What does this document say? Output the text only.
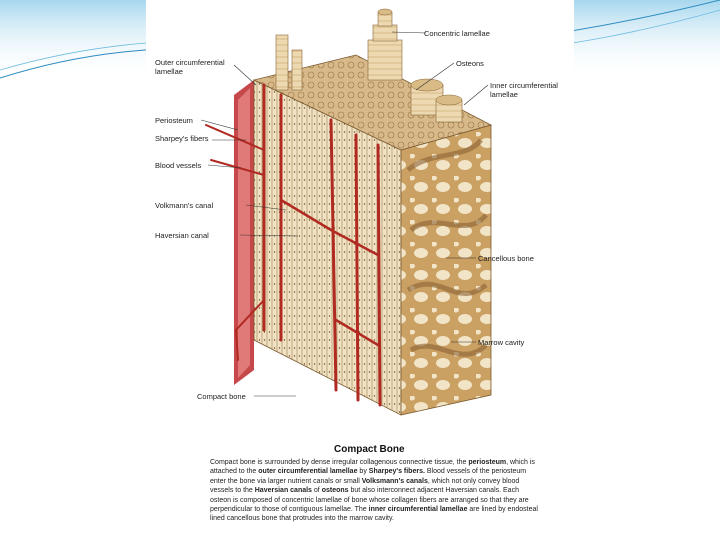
Outer circumferential
lamellae
Periosteum
Sharpey's fibers
Blood vessels
Volkmann's canal
Haversian canal
Compact bone
Concentric lamellae
Osteons
Inner circumferential
lamellae
Cancellous bone
Marrow cavity
Compact Bone
Compact bone is surrounded by dense irregular collagenous connective tissue, the periosteum, which is attached to the outer circumferential lamellae by Sharpey's fibers. Blood vessels of the periosteum enter the bone via larger nutrient canals or small Volksmann's canals, which not only convey blood vessels to the Haversian canals of osteons but also interconnect adjacent Haversian canals. Each osteon is composed of concentric lamellae of bone whose collagen fibers are arranged so that they are perpendicular to those of contiguous lamellae. The inner circumferential lamellae are lined by endosteal lined cancellous bone that protrudes into the marrow cavity.
